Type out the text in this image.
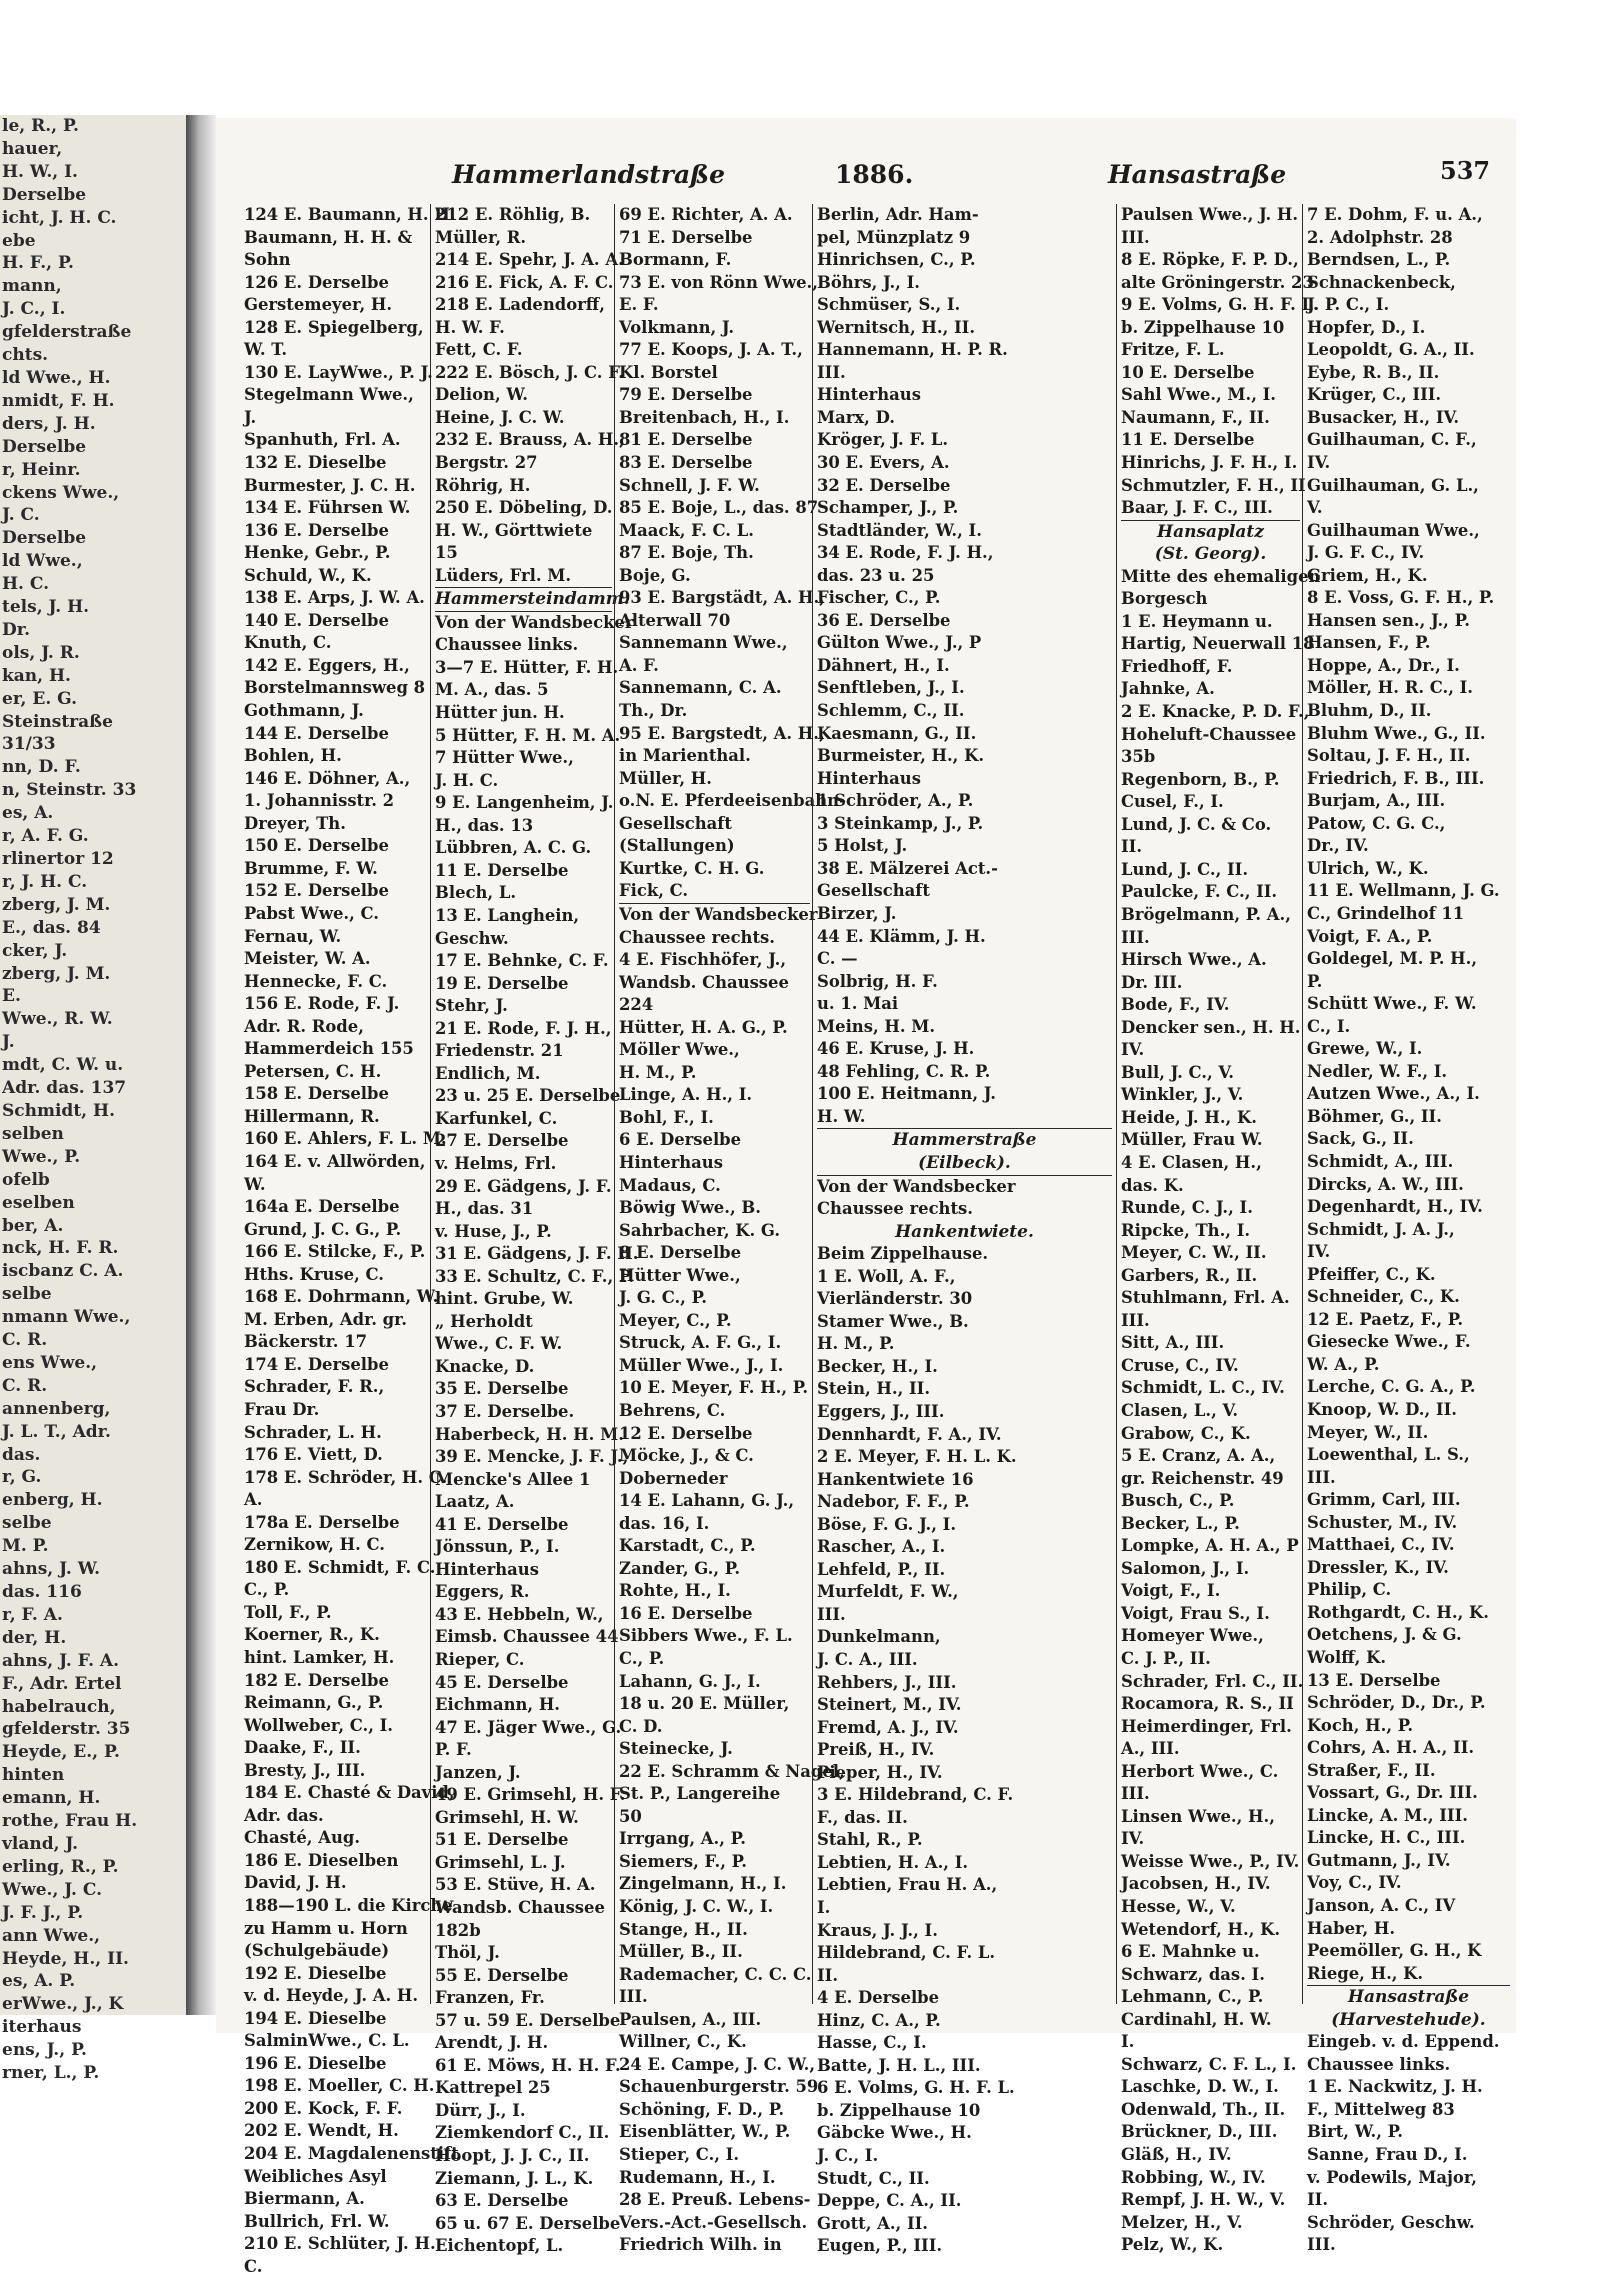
le, R., P.
hauer,
H. W., I.
Derselbe
icht, J. H. C.
ebe
H. F., P.
mann,
J. C., I.
gfelderstraße
chts.
ld Wwe., H.
nmidt, F. H.
ders, J. H.
Derselbe
r, Heinr.
ckens Wwe.,
J. C.
Derselbe
ld Wwe.,
H. C.
tels, J. H.
Dr.
ols, J. R.
kan, H.
er, E. G.
Steinstraße
31/33
nn, D. F.
n, Steinstr. 33
es, A.
r, A. F. G.
rlinertor 12
r, J. H. C.
zberg, J. M.
E., das. 84
cker, J.
zberg, J. M.
E.
Wwe., R. W.
J.
mdt, C. W. u.
Adr. das. 137
Schmidt, H.
selben
Wwe., P.
ofelb
eselben
ber, A.
nck, H. F. R.
iscbanz C. A.
selbe
nmann Wwe.,
C. R.
ens Wwe.,
C. R.
annenberg,
J. L. T., Adr.
das.
r, G.
enberg, H.
selbe
M. P.
ahns, J. W.
das. 116
r, F. A.
der, H.
ahns, J. F. A.
F., Adr. Ertel
habelrauch,
gfelderstr. 35
Heyde, E., P.
hinten
emann, H.
rothe, Frau H.
vland, J.
erling, R., P.
Wwe., J. C.
J. F. J., P.
ann Wwe.,
Heyde, H., II.
es, A. P.
erWwe., J., K
iterhaus
ens, J., P.
rner, L., P.
Hammerlandstraße	1886.	Hansastraße	537
124 E. Baumann, H. H.
Baumann, H. H. &
Sohn
126 E. Derselbe
Gerstemeyer, H.
128 E. Spiegelberg,
W. T.
130 E. LayWwe., P. J.
Stegelmann Wwe.,
J.
Spanhuth, Frl. A.
132 E. Dieselbe
Burmester, J. C. H.
134 E. Führsen W.
136 E. Derselbe
Henke, Gebr., P.
Schuld, W., K.
138 E. Arps, J. W. A.
140 E. Derselbe
Knuth, C.
142 E. Eggers, H.,
Borstelmannsweg 8
Gothmann, J.
144 E. Derselbe
Bohlen, H.
146 E. Döhner, A.,
1. Johannisstr. 2
Dreyer, Th.
150 E. Derselbe
Brumme, F. W.
152 E. Derselbe
Pabst Wwe., C.
Fernau, W.
Meister, W. A.
Hennecke, F. C.
156 E. Rode, F. J.
Adr. R. Rode,
Hammerdeich 155
Petersen, C. H.
158 E. Derselbe
Hillermann, R.
160 E. Ahlers, F. L. M.
164 E. v. Allwörden,
W.
164a E. Derselbe
Grund, J. C. G., P.
166 E. Stilcke, F., P.
Hths. Kruse, C.
168 E. Dohrmann, W.
M. Erben, Adr. gr.
Bäckerstr. 17
174 E. Derselbe
Schrader, F. R.,
Frau Dr.
Schrader, L. H.
176 E. Viett, D.
178 E. Schröder, H. C.
A.
178a E. Derselbe
Zernikow, H. C.
180 E. Schmidt, F. C.
C., P.
Toll, F., P.
Koerner, R., K.
hint. Lamker, H.
182 E. Derselbe
Reimann, G., P.
Wollweber, C., I.
Daake, F., II.
Bresty, J., III.
184 E. Chasté & David,
Adr. das.
Chasté, Aug.
186 E. Dieselben
David, J. H.
188—190 L. die Kirche
zu Hamm u. Horn
(Schulgebäude)
192 E. Dieselbe
v. d. Heyde, J. A. H.
194 E. Dieselbe
SalminWwe., C. L.
196 E. Dieselbe
198 E. Moeller, C. H.
200 E. Kock, F. F.
202 E. Wendt, H.
204 E. Magdalenenstift
Weibliches Asyl
Biermann, A.
Bullrich, Frl. W.
210 E. Schlüter, J. H.
C.
212 E. Röhlig, B.
Müller, R.
214 E. Spehr, J. A. A.
216 E. Fick, A. F. C.
218 E. Ladendorff,
H. W. F.
Fett, C. F.
222 E. Bösch, J. C. F.
Delion, W.
Heine, J. C. W.
232 E. Brauss, A. H.,
Bergstr. 27
Röhrig, H.
250 E. Döbeling, D.
H. W., Görttwiete
15
Lüders, Frl. M.
Hammersteindamm.
Von der Wandsbecker
Chaussee links.
3—7 E. Hütter, F. H.
M. A., das. 5
Hütter jun. H.
5 Hütter, F. H. M. A.
7 Hütter Wwe.,
J. H. C.
9 E. Langenheim, J.
H., das. 13
Lübbren, A. C. G.
11 E. Derselbe
Blech, L.
13 E. Langhein,
Geschw.
17 E. Behnke, C. F.
19 E. Derselbe
Stehr, J.
21 E. Rode, F. J. H.,
Friedenstr. 21
Endlich, M.
23 u. 25 E. Derselbe
Karfunkel, C.
27 E. Derselbe
v. Helms, Frl.
29 E. Gädgens, J. F.
H., das. 31
v. Huse, J., P.
31 E. Gädgens, J. F. H.
33 E. Schultz, C. F., P.
hint. Grube, W.
„ Herholdt
Wwe., C. F. W.
Knacke, D.
35 E. Derselbe
37 E. Derselbe.
Haberbeck, H. H. M.
39 E. Mencke, J. F. J.,
Mencke's Allee 1
Laatz, A.
41 E. Derselbe
Jönssun, P., I.
Hinterhaus
Eggers, R.
43 E. Hebbeln, W.,
Eimsb. Chaussee 44
Rieper, C.
45 E. Derselbe
Eichmann, H.
47 E. Jäger Wwe., G.
P. F.
Janzen, J.
49 E. Grimsehl, H. F.
Grimsehl, H. W.
51 E. Derselbe
Grimsehl, L. J.
53 E. Stüve, H. A.
Wandsb. Chaussee
182b
Thöl, J.
55 E. Derselbe
Franzen, Fr.
57 u. 59 E. Derselbe
Arendt, J. H.
61 E. Möws, H. H. F.
Kattrepel 25
Dürr, J., I.
Ziemkendorf C., II.
Hoopt, J. J. C., II.
Ziemann, J. L., K.
63 E. Derselbe
65 u. 67 E. Derselbe
Eichentopf, L.
69 E. Richter, A. A.
71 E. Derselbe
Bormann, F.
73 E. von Rönn Wwe.,
E. F.
Volkmann, J.
77 E. Koops, J. A. T.,
Kl. Borstel
79 E. Derselbe
Breitenbach, H., I.
81 E. Derselbe
83 E. Derselbe
Schnell, J. F. W.
85 E. Boje, L., das. 87
Maack, F. C. L.
87 E. Boje, Th.
Boje, G.
93 E. Bargstädt, A. H.,
Alterwall 70
Sannemann Wwe.,
A. F.
Sannemann, C. A.
Th., Dr.
95 E. Bargstedt, A. H.,
in Marienthal.
Müller, H.
o.N. E. Pferdeeisenbahn-
Gesellschaft
(Stallungen)
Kurtke, C. H. G.
Fick, C.
Von der Wandsbecker
Chaussee rechts.
4 E. Fischhöfer, J.,
Wandsb. Chaussee
224
Hütter, H. A. G., P.
Möller Wwe.,
H. M., P.
Linge, A. H., I.
Bohl, F., I.
6 E. Derselbe
Hinterhaus
Madaus, C.
Böwig Wwe., B.
Sahrbacher, K. G.
8 E. Derselbe
Hütter Wwe.,
J. G. C., P.
Meyer, C., P.
Struck, A. F. G., I.
Müller Wwe., J., I.
10 E. Meyer, F. H., P.
Behrens, C.
12 E. Derselbe
Möcke, J., & C.
Doberneder
14 E. Lahann, G. J.,
das. 16, I.
Karstadt, C., P.
Zander, G., P.
Rohte, H., I.
16 E. Derselbe
Sibbers Wwe., F. L.
C., P.
Lahann, G. J., I.
18 u. 20 E. Müller,
C. D.
Steinecke, J.
22 E. Schramm & Nagel,
St. P., Langereihe
50
Irrgang, A., P.
Siemers, F., P.
Zingelmann, H., I.
König, J. C. W., I.
Stange, H., II.
Müller, B., II.
Rademacher, C. C. C.
III.
Paulsen, A., III.
Willner, C., K.
24 E. Campe, J. C. W.,
Schauenburgerstr. 59
Schöning, F. D., P.
Eisenblätter, W., P.
Stieper, C., I.
Rudemann, H., I.
28 E. Preuß. Lebens-
Vers.-Act.-Gesellsch.
Friedrich Wilh. in
Berlin, Adr. Ham-
pel, Münzplatz 9
Hinrichsen, C., P.
Böhrs, J., I.
Schmüser, S., I.
Wernitsch, H., II.
Hannemann, H. P. R.
III.
Hinterhaus
Marx, D.
Kröger, J. F. L.
30 E. Evers, A.
32 E. Derselbe
Schamper, J., P.
Stadtländer, W., I.
34 E. Rode, F. J. H.,
das. 23 u. 25
Fischer, C., P.
36 E. Derselbe
Gülton Wwe., J., P
Dähnert, H., I.
Senftleben, J., I.
Schlemm, C., II.
Kaesmann, G., II.
Burmeister, H., K.
Hinterhaus
1 Schröder, A., P.
3 Steinkamp, J., P.
5 Holst, J.
38 E. Mälzerei Act.-
Gesellschaft
Birzer, J.
44 E. Klämm, J. H.
C. —
Solbrig, H. F.
u. 1. Mai
Meins, H. M.
46 E. Kruse, J. H.
48 Fehling, C. R. P.
100 E. Heitmann, J.
H. W.
Hammerstraße
(Eilbeck).
Von der Wandsbecker
Chaussee rechts.
Hankentwiete.
Beim Zippelhause.
1 E. Woll, A. F.,
Vierländerstr. 30
Stamer Wwe., B.
H. M., P.
Becker, H., I.
Stein, H., II.
Eggers, J., III.
Dennhardt, F. A., IV.
2 E. Meyer, F. H. L. K.
Hankentwiete 16
Nadebor, F. F., P.
Böse, F. G. J., I.
Rascher, A., I.
Lehfeld, P., II.
Murfeldt, F. W.,
III.
Dunkelmann,
J. C. A., III.
Rehbers, J., III.
Steinert, M., IV.
Fremd, A. J., IV.
Preiß, H., IV.
Pieper, H., IV.
3 E. Hildebrand, C. F.
F., das. II.
Stahl, R., P.
Lebtien, H. A., I.
Lebtien, Frau H. A.,
I.
Kraus, J. J., I.
Hildebrand, C. F. L.
II.
4 E. Derselbe
Hinz, C. A., P.
Hasse, C., I.
Batte, J. H. L., III.
6 E. Volms, G. H. F. L.
b. Zippelhause 10
Gäbcke Wwe., H.
J. C., I.
Studt, C., II.
Deppe, C. A., II.
Grott, A., II.
Eugen, P., III.
Paulsen Wwe., J. H.
III.
8 E. Röpke, F. P. D.,
alte Gröningerstr. 23
9 E. Volms, G. H. F. L.
b. Zippelhause 10
Fritze, F. L.
10 E. Derselbe
Sahl Wwe., M., I.
Naumann, F., II.
11 E. Derselbe
Hinrichs, J. F. H., I.
Schmutzler, F. H., II
Baar, J. F. C., III.
Hansaplatz
(St. Georg).
Mitte des ehemaligen
Borgesch
1 E. Heymann u.
Hartig, Neuerwall 18
Friedhoff, F.
Jahnke, A.
2 E. Knacke, P. D. F.,
Hoheluft-Chaussee
35b
Regenborn, B., P.
Cusel, F., I.
Lund, J. C. & Co.
II.
Lund, J. C., II.
Paulcke, F. C., II.
Brögelmann, P. A.,
III.
Hirsch Wwe., A.
Dr. III.
Bode, F., IV.
Dencker sen., H. H.
IV.
Bull, J. C., V.
Winkler, J., V.
Heide, J. H., K.
Müller, Frau W.
4 E. Clasen, H.,
das. K.
Runde, C. J., I.
Ripcke, Th., I.
Meyer, C. W., II.
Garbers, R., II.
Stuhlmann, Frl. A.
III.
Sitt, A., III.
Cruse, C., IV.
Schmidt, L. C., IV.
Clasen, L., V.
Grabow, C., K.
5 E. Cranz, A. A.,
gr. Reichenstr. 49
Busch, C., P.
Becker, L., P.
Lompke, A. H. A., P
Salomon, J., I.
Voigt, F., I.
Voigt, Frau S., I.
Homeyer Wwe.,
C. J. P., II.
Schrader, Frl. C., II.
Rocamora, R. S., II
Heimerdinger, Frl.
A., III.
Herbort Wwe., C.
III.
Linsen Wwe., H.,
IV.
Weisse Wwe., P., IV.
Jacobsen, H., IV.
Hesse, W., V.
Wetendorf, H., K.
6 E. Mahnke u.
Schwarz, das. I.
Lehmann, C., P.
Cardinahl, H. W.
I.
Schwarz, C. F. L., I.
Laschke, D. W., I.
Odenwald, Th., II.
Brückner, D., III.
Gläß, H., IV.
Robbing, W., IV.
Rempf, J. H. W., V.
Melzer, H., V.
Pelz, W., K.
7 E. Dohm, F. u. A.,
2. Adolphstr. 28
Berndsen, L., P.
Schnackenbeck,
J. P. C., I.
Hopfer, D., I.
Leopoldt, G. A., II.
Eybe, R. B., II.
Krüger, C., III.
Busacker, H., IV.
Guilhauman, C. F.,
IV.
Guilhauman, G. L.,
V.
Guilhauman Wwe.,
J. G. F. C., IV.
Griem, H., K.
8 E. Voss, G. F. H., P.
Hansen sen., J., P.
Hansen, F., P.
Hoppe, A., Dr., I.
Möller, H. R. C., I.
Bluhm, D., II.
Bluhm Wwe., G., II.
Soltau, J. F. H., II.
Friedrich, F. B., III.
Burjam, A., III.
Patow, C. G. C.,
Dr., IV.
Ulrich, W., K.
11 E. Wellmann, J. G.
C., Grindelhof 11
Voigt, F. A., P.
Goldegel, M. P. H.,
P.
Schütt Wwe., F. W.
C., I.
Grewe, W., I.
Nedler, W. F., I.
Autzen Wwe., A., I.
Böhmer, G., II.
Sack, G., II.
Schmidt, A., III.
Dircks, A. W., III.
Degenhardt, H., IV.
Schmidt, J. A. J.,
IV.
Pfeiffer, C., K.
Schneider, C., K.
12 E. Paetz, F., P.
Giesecke Wwe., F.
W. A., P.
Lerche, C. G. A., P.
Knoop, W. D., II.
Meyer, W., II.
Loewenthal, L. S.,
III.
Grimm, Carl, III.
Schuster, M., IV.
Matthaei, C., IV.
Dressler, K., IV.
Philip, C.
Rothgardt, C. H., K.
Oetchens, J. & G.
Wolff, K.
13 E. Derselbe
Schröder, D., Dr., P.
Koch, H., P.
Cohrs, A. H. A., II.
Straßer, F., II.
Vossart, G., Dr. III.
Lincke, A. M., III.
Lincke, H. C., III.
Gutmann, J., IV.
Voy, C., IV.
Janson, A. C., IV
Haber, H.
Peemöller, G. H., K
Riege, H., K.
Hansastraße
(Harvestehude).
Eingeb. v. d. Eppend.
Chaussee links.
1 E. Nackwitz, J. H.
F., Mittelweg 83
Birt, W., P.
Sanne, Frau D., I.
v. Podewils, Major,
II.
Schröder, Geschw.
III.
